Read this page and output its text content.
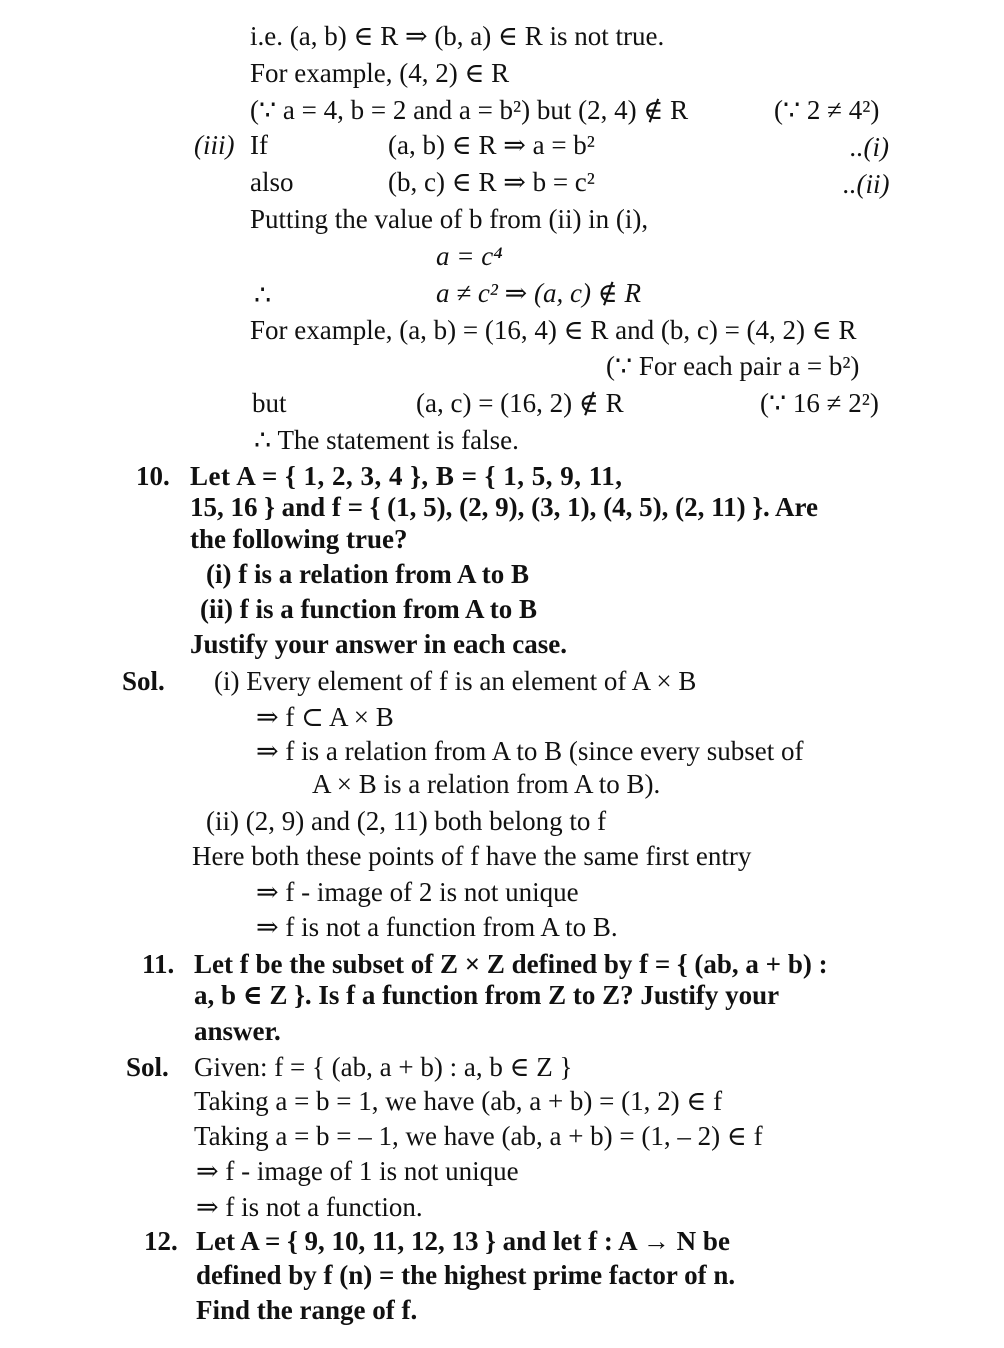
i.e. (a, b) ∈ R ⇒ (b, a) ∈ R is not true.
For example, (4, 2) ∈ R
(∵ a = 4, b = 2 and a = b²) but (2, 4) ∉ R	(∵ 2 ≠ 4²)
(iii) If	(a, b) ∈ R ⇒ a = b²	..(i)
also	(b, c) ∈ R ⇒ b = c²	..(ii)
Putting the value of b from (ii) in (i),
a = c⁴
∴	a ≠ c² ⇒ (a, c) ∉ R
For example, (a, b) = (16, 4) ∈ R and (b, c) = (4, 2) ∈ R
(∵ For each pair a = b²)
but	(a, c) = (16, 2) ∉ R	(∵ 16 ≠ 2²)
∴ The statement is false.
10. Let A = { 1, 2, 3, 4 }, B = { 1, 5, 9, 11,
15, 16 } and f = { (1, 5), (2, 9), (3, 1), (4, 5), (2, 11) }. Are
the following true?
(i) f is a relation from A to B
(ii) f is a function from A to B
Justify your answer in each case.
Sol. (i) Every element of f is an element of A × B
⇒ f ⊂ A × B
⇒ f is a relation from A to B (since every subset of
A × B is a relation from A to B).
(ii) (2, 9) and (2, 11) both belong to f
Here both these points of f have the same first entry
⇒ f - image of 2 is not unique
⇒ f is not a function from A to B.
11. Let f be the subset of Z × Z defined by f = { (ab, a + b) :
a, b ∈ Z }. Is f a function from Z to Z? Justify your
answer.
Sol. Given: f = { (ab, a + b) : a, b ∈ Z }
Taking a = b = 1, we have (ab, a + b) = (1, 2) ∈ f
Taking a = b = – 1, we have (ab, a + b) = (1, – 2) ∈ f
⇒ f - image of 1 is not unique
⇒ f is not a function.
12. Let A = { 9, 10, 11, 12, 13 } and let f : A → N be
defined by f (n) = the highest prime factor of n.
Find the range of f.
